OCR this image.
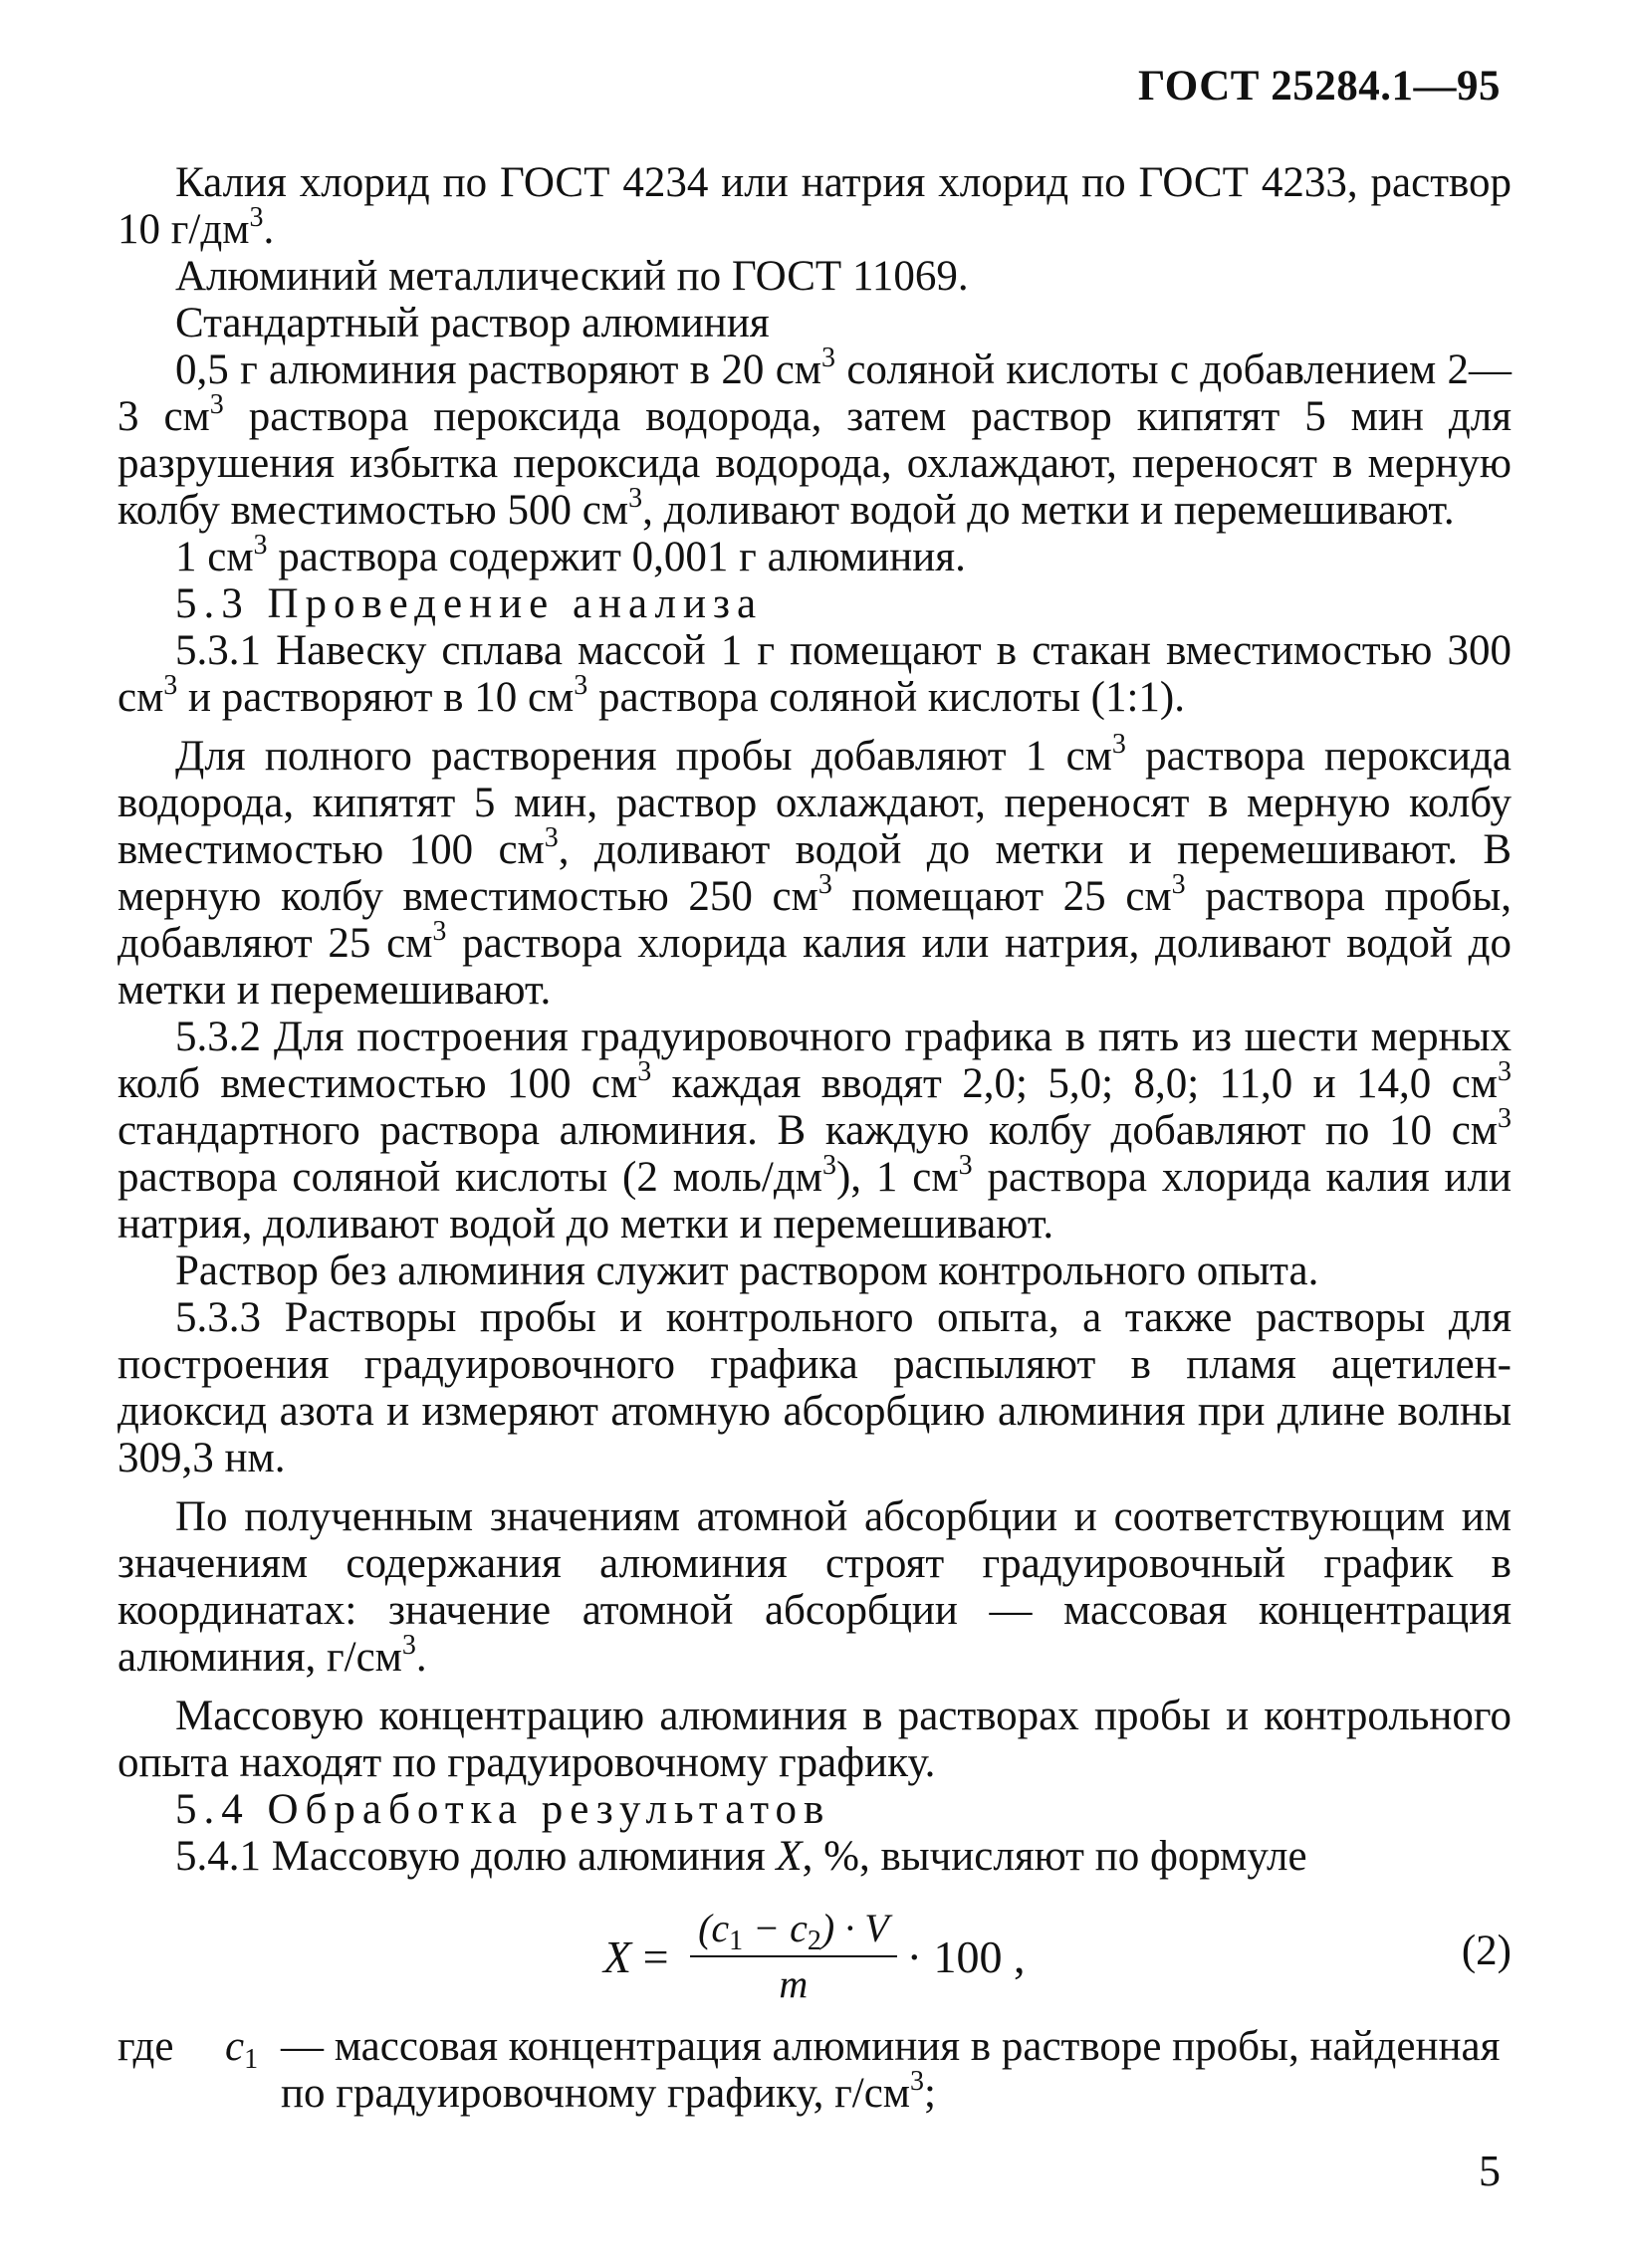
ГОСТ 25284.1—95

Калия хлорид по ГОСТ 4234 или натрия хлорид по ГОСТ 4233, раствор 10 $г/дм^3$.

Алюминий металлический по ГОСТ 11069.

Стандартный раствор алюминия

0,5 г алюминия растворяют в 20 $см^3$ соляной кислоты с добавлением 2—3 $см^3$ раствора пероксида водорода, затем раствор кипятят 5 мин для разрушения избытка пероксида водорода, охлаждают, переносят в мерную колбу вместимостью 500 $см^3$, доливают водой до метки и перемешивают.

1 $см^3$ раствора содержит 0,001 г алюминия.

5.3 Проведение анализа

5.3.1 Навеску сплава массой 1 г помещают в стакан вместимостью 300 $см^3$ и растворяют в 10 $см^3$ раствора соляной кислоты (1:1).

Для полного растворения пробы добавляют 1 $см^3$ раствора пероксида водорода, кипятят 5 мин, раствор охлаждают, переносят в мерную колбу вместимостью 100 $см^3$, доливают водой до метки и перемешивают. В мерную колбу вместимостью 250 $см^3$ помещают 25 $см^3$ раствора пробы, добавляют 25 $см^3$ раствора хлорида калия или натрия, доливают водой до метки и перемешивают.

5.3.2 Для построения градуировочного графика в пять из шести мерных колб вместимостью 100 $см^3$ каждая вводят 2,0; 5,0; 8,0; 11,0 и 14,0 $см^3$ стандартного раствора алюминия. В каждую колбу добавляют по 10 $см^3$ раствора соляной кислоты (2 моль/$дм^3$), 1 $см^3$ раствора хлорида калия или натрия, доливают водой до метки и перемешивают.

Раствор без алюминия служит раствором контрольного опыта.

5.3.3 Растворы пробы и контрольного опыта, а также растворы для построения градуировочного графика распыляют в пламя ацетилен-диоксид азота и измеряют атомную абсорбцию алюминия при длине волны 309,3 нм.

По полученным значениям атомной абсорбции и соответствующим им значениям содержания алюминия строят градуировочный график в координатах: значение атомной абсорбции — массовая концентрация алюминия, $г/см^3$.

Массовую концентрацию алюминия в растворах пробы и контрольного опыта находят по градуировочному графику.

5.4 Обработка результатов

5.4.1 Массовую долю алюминия X, %, вычисляют по формуле

$X = \frac{(c_1 - c_2) \cdot V}{m} \cdot 100$ ,	(2)
где	$c_1$ — массовая концентрация алюминия в растворе пробы, найденная по градуировочному графику, $г/см^3$;
5
